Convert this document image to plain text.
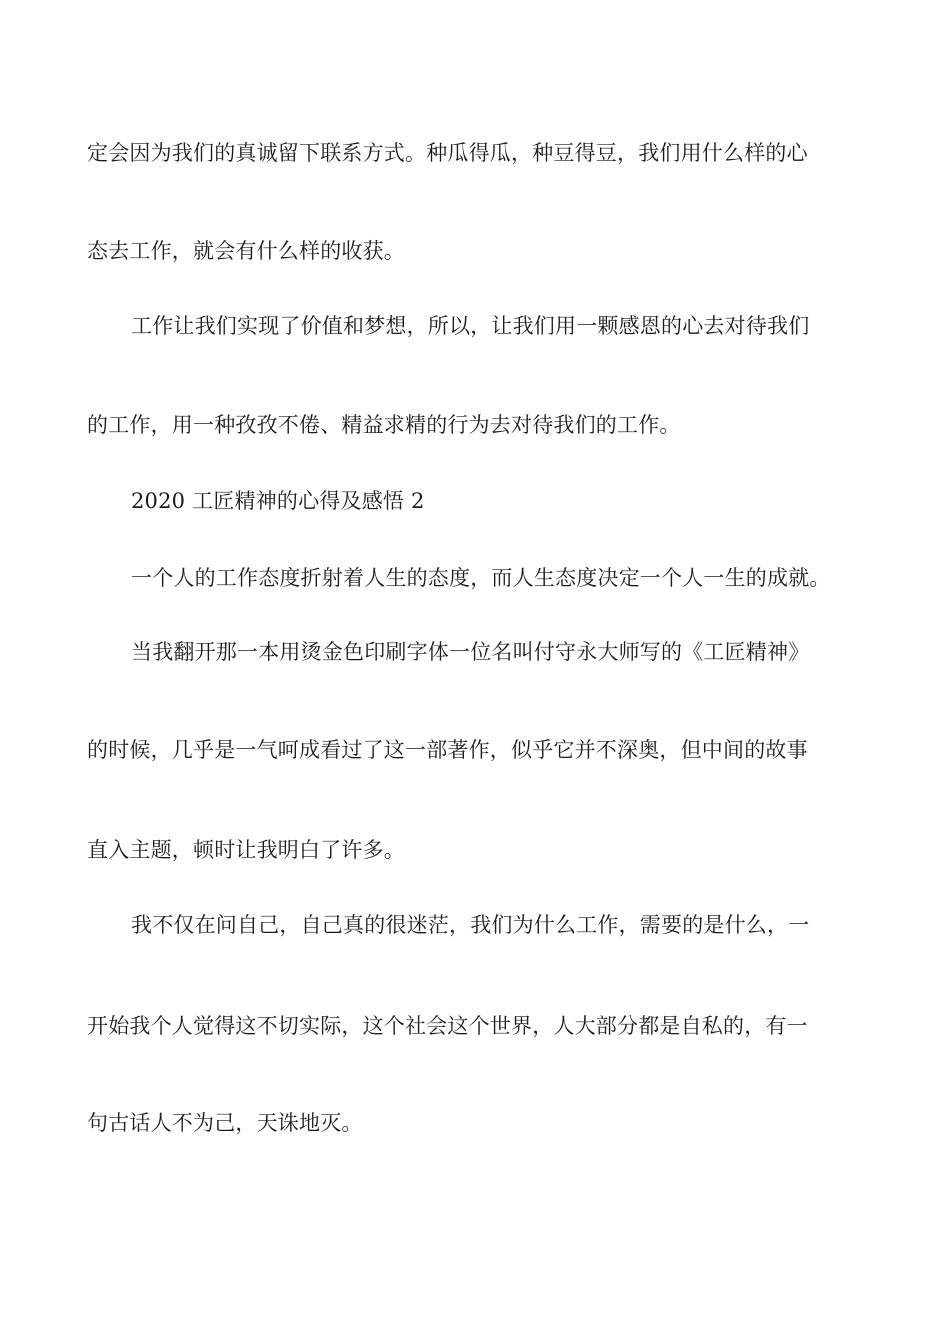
定会因为我们的真诚留下联系方式。种瓜得瓜，种豆得豆，我们用什么样的心
态去工作，就会有什么样的收获。
工作让我们实现了价值和梦想，所以，让我们用一颗感恩的心去对待我们
的工作，用一种孜孜不倦、精益求精的行为去对待我们的工作。
2020 工匠精神的心得及感悟 2
一个人的工作态度折射着人生的态度，而人生态度决定一个人一生的成就。
当我翻开那一本用烫金色印刷字体一位名叫付守永大师写的《工匠精神》
的时候，几乎是一气呵成看过了这一部著作，似乎它并不深奥，但中间的故事
直入主题，顿时让我明白了许多。
我不仅在问自己，自己真的很迷茫，我们为什么工作，需要的是什么，一
开始我个人觉得这不切实际，这个社会这个世界，人大部分都是自私的，有一
句古话人不为己，天诛地灭。
